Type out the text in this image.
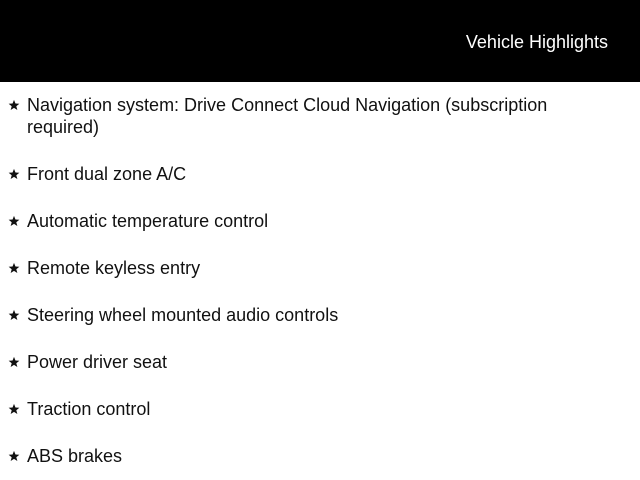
Vehicle Highlights
Navigation system: Drive Connect Cloud Navigation (subscription required)
Front dual zone A/C
Automatic temperature control
Remote keyless entry
Steering wheel mounted audio controls
Power driver seat
Traction control
ABS brakes
